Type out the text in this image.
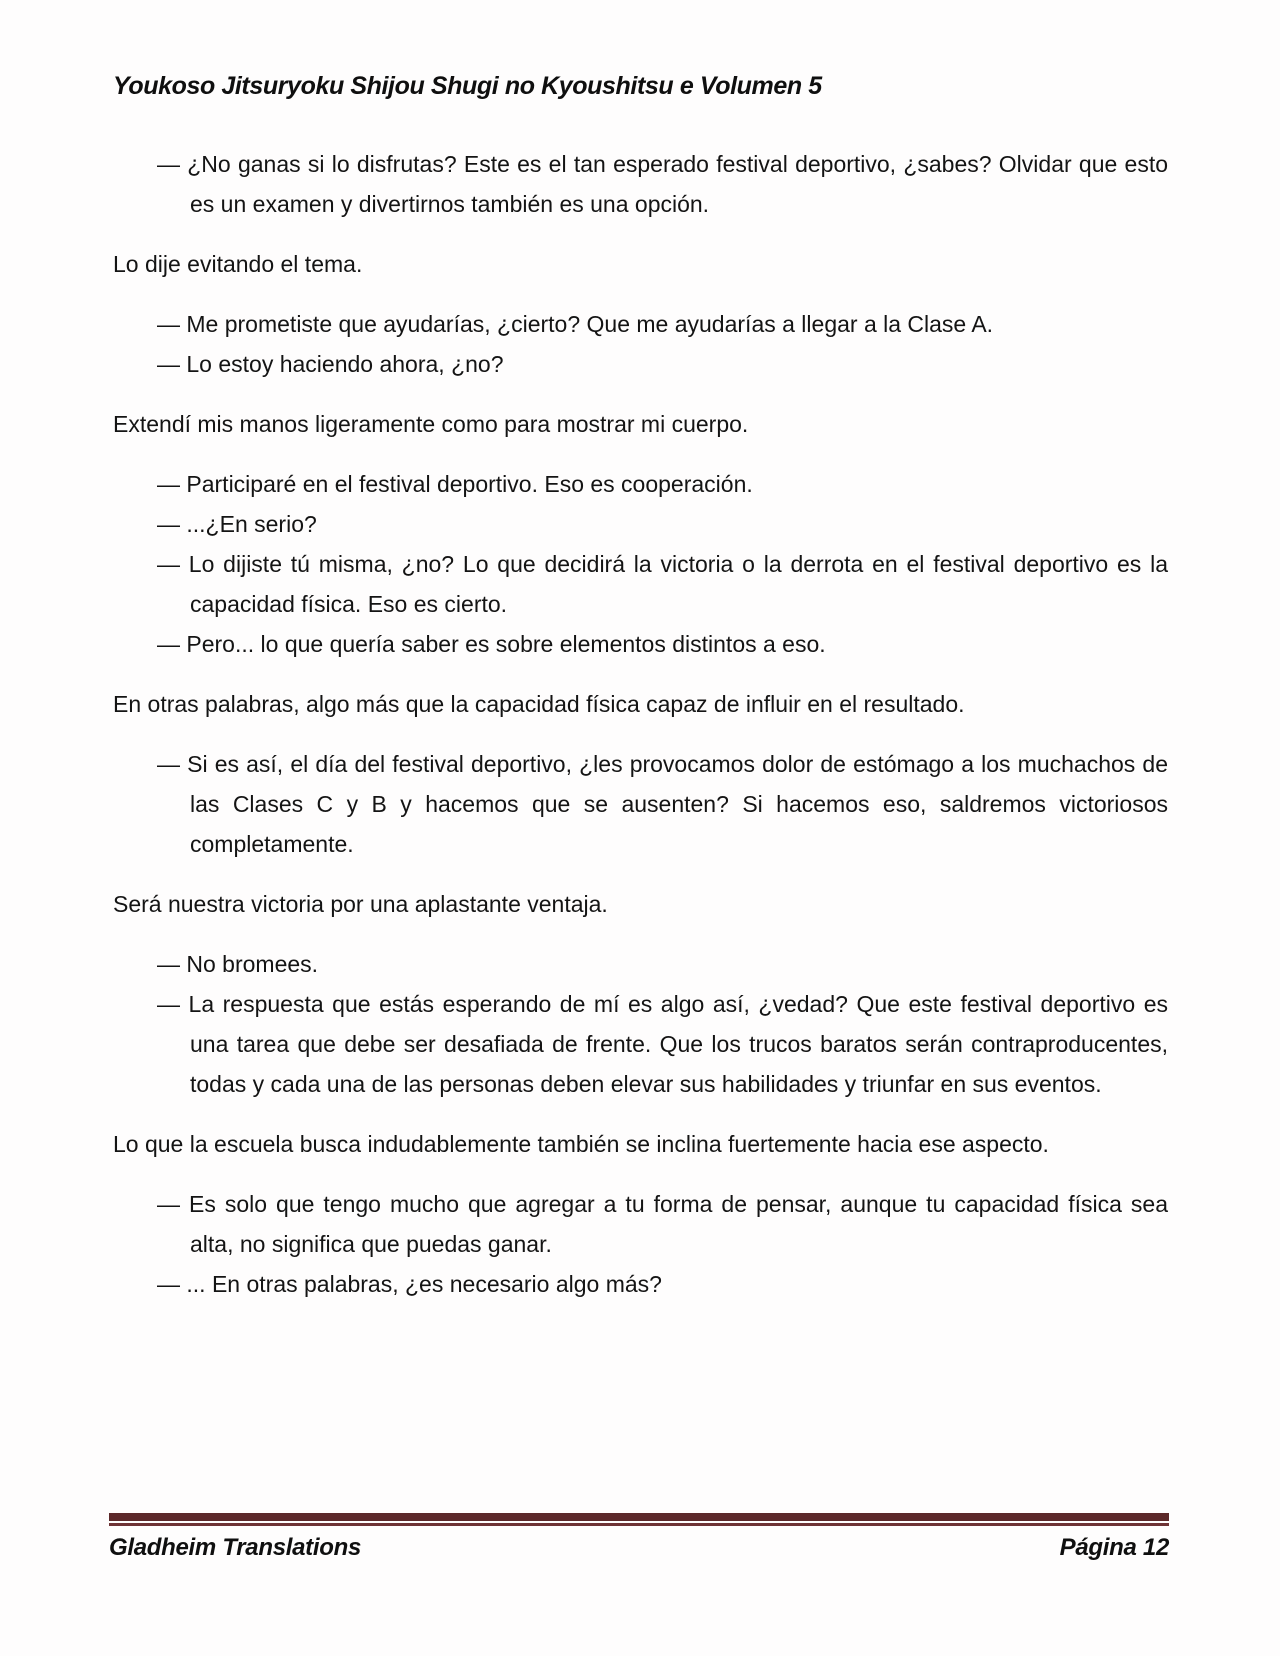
Youkoso Jitsuryoku Shijou Shugi no Kyoushitsu e Volumen 5

— ¿No ganas si lo disfrutas? Este es el tan esperado festival deportivo, ¿sabes? Olvidar que esto es un examen y divertirnos también es una opción.

Lo dije evitando el tema.

— Me prometiste que ayudarías, ¿cierto? Que me ayudarías a llegar a la Clase A.

— Lo estoy haciendo ahora, ¿no?

Extendí mis manos ligeramente como para mostrar mi cuerpo.

— Participaré en el festival deportivo. Eso es cooperación.

— ...¿En serio?

— Lo dijiste tú misma, ¿no? Lo que decidirá la victoria o la derrota en el festival deportivo es la capacidad física. Eso es cierto.

— Pero... lo que quería saber es sobre elementos distintos a eso.

En otras palabras, algo más que la capacidad física capaz de influir en el resultado.

— Si es así, el día del festival deportivo, ¿les provocamos dolor de estómago a los muchachos de las Clases C y B y hacemos que se ausenten? Si hacemos eso, saldremos victoriosos completamente.

Será nuestra victoria por una aplastante ventaja.

— No bromees.

— La respuesta que estás esperando de mí es algo así, ¿vedad? Que este festival deportivo es una tarea que debe ser desafiada de frente. Que los trucos baratos serán contraproducentes, todas y cada una de las personas deben elevar sus habilidades y triunfar en sus eventos.

Lo que la escuela busca indudablemente también se inclina fuertemente hacia ese aspecto.

— Es solo que tengo mucho que agregar a tu forma de pensar, aunque tu capacidad física sea alta, no significa que puedas ganar.

— ... En otras palabras, ¿es necesario algo más?

Gladheim Translations	Página 12
